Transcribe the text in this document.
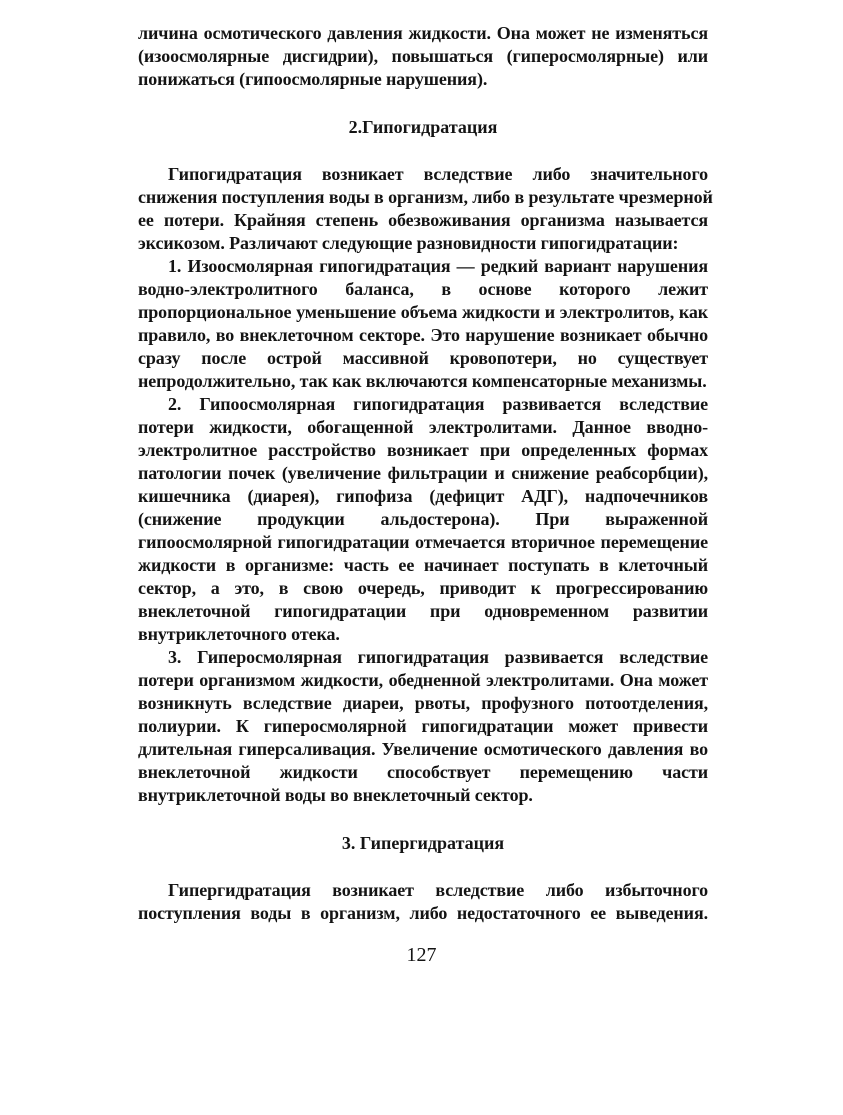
личина осмотического давления жидкости. Она может не изменяться
(изоосмолярные дисгидрии), повышаться (гиперосмолярные) или
понижаться (гипоосмолярные нарушения).
2.Гипогидратация
Гипогидратация возникает вследствие либо значительного
снижения поступления воды в организм, либо в результате чрезмерной
ее потери. Крайняя степень обезвоживания организма называется
эксикозом. Различают следующие разновидности гипогидратации:
1. Изоосмолярная гипогидратация — редкий вариант нарушения
водно-электролитного баланса, в основе которого лежит
пропорциональное уменьшение объема жидкости и электролитов, как
правило, во внеклеточном секторе. Это нарушение возникает обычно
сразу после острой массивной кровопотери, но существует
непродолжительно, так как включаются компенсаторные механизмы.
2. Гипоосмолярная гипогидратация развивается вследствие
потери жидкости, обогащенной электролитами. Данное вводно-
электролитное расстройство возникает при определенных формах
патологии почек (увеличение фильтрации и снижение реабсорбции),
кишечника (диарея), гипофиза (дефицит АДГ), надпочечников
(снижение продукции альдостерона). При выраженной
гипоосмолярной гипогидратации отмечается вторичное перемещение
жидкости в организме: часть ее начинает поступать в клеточный
сектор, а это, в свою очередь, приводит к прогрессированию
внеклеточной гипогидратации при одновременном развитии
внутриклеточного отека.
3. Гиперосмолярная гипогидратация развивается вследствие
потери организмом жидкости, обедненной электролитами. Она может
возникнуть вследствие диареи, рвоты, профузного потоотделения,
полиурии. К гиперосмолярной гипогидратации может привести
длительная гиперсаливация. Увеличение осмотического давления во
внеклеточной жидкости способствует перемещению части
внутриклеточной воды во внеклеточный сектор.
3. Гипергидратация
Гипергидратация возникает вследствие либо избыточного
поступления воды в организм, либо недостаточного ее выведения.
127
